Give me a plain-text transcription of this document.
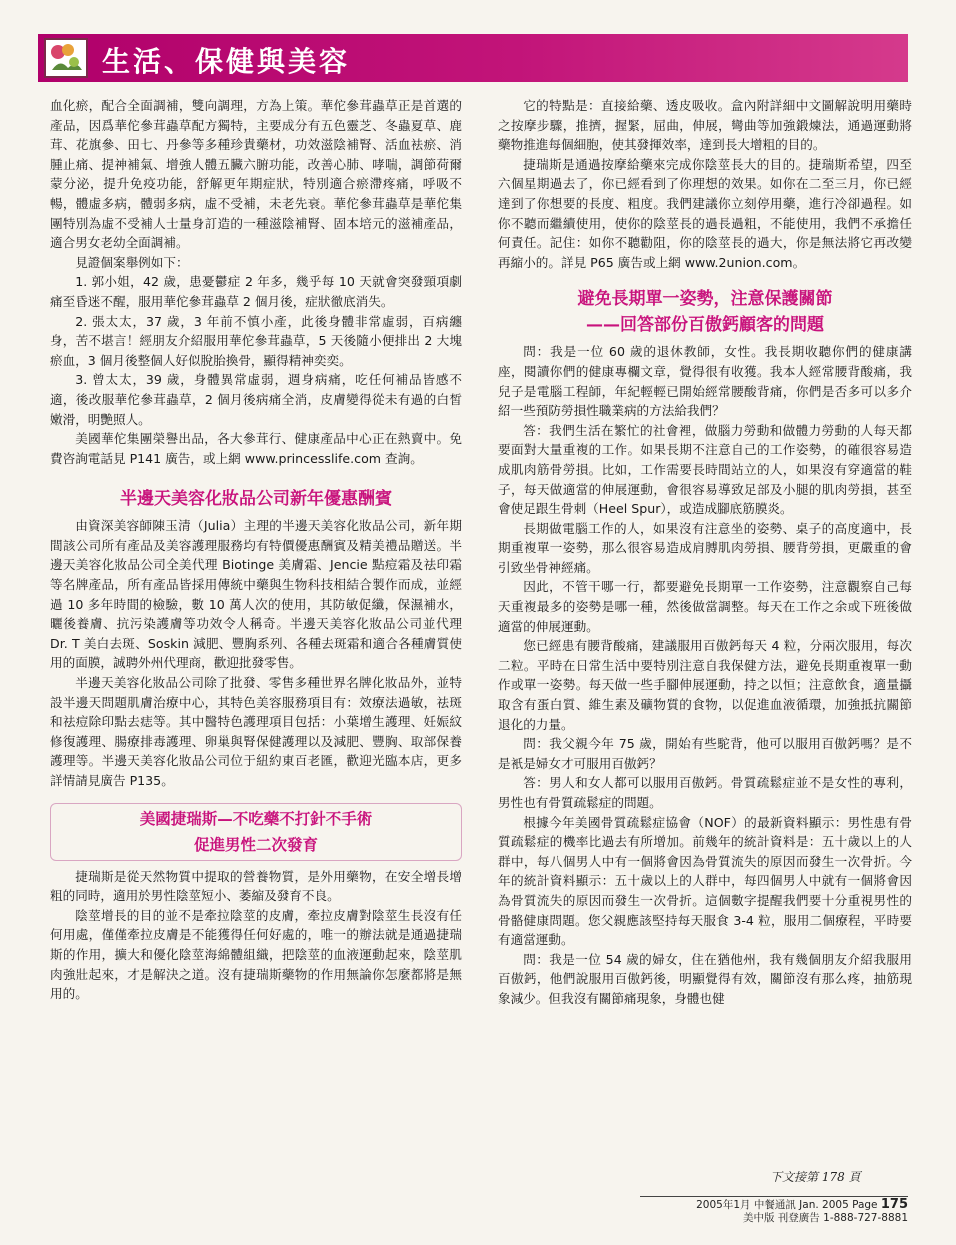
生活、保健與美容

血化瘀，配合全面調補，雙向調理，方為上策。華佗參茸蟲草正是首選的產品，因爲華佗參茸蟲草配方獨特，主要成分有五色靈芝、冬蟲夏草、鹿茸、花旗參、田七、丹參等多種珍貴藥材，功效滋陰補腎、活血袪瘀、消腫止痛、提神補氣、增強人體五臟六腑功能，改善心肺、哮喘，調節荷爾蒙分泌，提升免疫功能，舒解更年期症狀，特別適合瘀滯疼痛，呼吸不暢，體虛多病，體弱多病，虛不受補，未老先衰。華佗參茸蟲草是華佗集團特別為虛不受補人士量身訂造的一種滋陰補腎、固本培元的滋補產品，適合男女老幼全面調補。

見證個案舉例如下：

1. 郭小姐，42 歲，患憂鬱症 2 年多，幾乎每 10 天就會突發頸項劇痛至昏迷不醒，服用華佗參茸蟲草 2 個月後，症狀徹底消失。

2. 張太太，37 歲，3 年前不慎小產，此後身體非常虛弱，百病纏身，苦不堪言！經朋友介紹服用華佗參茸蟲草，5 天後隨小便排出 2 大塊瘀血，3 個月後整個人好似脫胎換骨，顯得精神奕奕。

3. 曾太太，39 歲，身體異常虛弱，週身病痛，吃任何補品皆感不適，後改服華佗參茸蟲草，2 個月後病痛全消，皮膚變得從未有過的白皙嫩滑，明艷照人。

美國華佗集團榮譽出品，各大參茸行、健康產品中心正在熱賣中。免費咨詢電話見 P141 廣告，或上網 www.princesslife.com 查詢。

半邊天美容化妝品公司新年優惠酬賓

由資深美容師陳玉清（Julia）主理的半邊天美容化妝品公司，新年期間該公司所有產品及美容護理服務均有特價優惠酬賓及精美禮品贈送。半邊天美容化妝品公司全美代理 Biotinge 美膚霜、Jencie 點痘霜及祛印霜等名牌產品，所有產品皆採用傳統中藥與生物科技相結合製作而成，並經過 10 多年時間的檢驗，數 10 萬人次的使用，其防敏促纖，保濕補水，曬後養膚、抗污染護膚等功效令人稱奇。半邊天美容化妝品公司並代理 Dr. T 美白去斑、Soskin 減肥、豐胸系列、各種去斑霜和適合各種膚質使用的面膜，誠聘外州代理商，歡迎批發零售。

半邊天美容化妝品公司除了批發、零售多種世界名牌化妝品外，並特設半邊天問題肌膚治療中心，其特色美容服務項目有：效療法過敏，祛斑和祛痘除印點去痣等。其中醫特色護理項目包括：小葉增生護理、妊娠紋修復護理、腸療排毒護理、卵巢與腎保健護理以及減肥、豐胸、取部保養護理等。半邊天美容化妝品公司位于紐約東百老匯，歡迎光臨本店，更多詳情請見廣告 P135。

美國捷瑞斯—不吃藥不打針不手術
促進男性二次發育

捷瑞斯是從天然物質中提取的營養物質，是外用藥物，在安全增長增粗的同時，適用於男性陰莖短小、萎縮及發育不良。

陰莖增長的目的並不是牽拉陰莖的皮膚，牽拉皮膚對陰莖生長沒有任何用處，僅僅牽拉皮膚是不能獲得任何好處的，唯一的辦法就是通過捷瑞斯的作用，擴大和優化陰莖海綿體組織，把陰莖的血液運動起來，陰莖肌肉強壯起來，才是解決之道。沒有捷瑞斯藥物的作用無論你怎麼都將是無用的。

它的特點是：直接給藥、透皮吸收。盒內附詳細中文圖解說明用藥時之按摩步驟，推擠，握緊，屈曲，伸展，彎曲等加強鍛煉法，通過運動將藥物推進每個細胞，使其發揮效率，達到長大增粗的目的。

捷瑞斯是通過按摩給藥來完成你陰莖長大的目的。捷瑞斯希望，四至六個星期過去了，你已經看到了你理想的效果。如你在二至三月，你已經達到了你想要的長度、粗度。我們建議你立刻停用藥，進行冷卻過程。如你不聽而繼續使用，使你的陰莖長的過長過粗，不能使用，我們不承擔任何責任。記住：如你不聽勸阻，你的陰莖長的過大，你是無法將它再改變再縮小的。詳見 P65 廣告或上網 www.2union.com。

避免長期單一姿勢，注意保護關節
——回答部份百傲鈣顧客的問題

問：我是一位 60 歲的退休教師，女性。我長期收聽你們的健康講座，閱讀你們的健康專欄文章，覺得很有收獲。我本人經常腰背酸痛，我兒子是電腦工程師，年紀輕輕已開始經常腰酸背痛，你們是否多可以多介紹一些預防勞損性職業病的方法給我們？

答：我們生活在繁忙的社會裡，做腦力勞動和做體力勞動的人每天都要面對大量重複的工作。如果長期不注意自己的工作姿勢，的確很容易造成肌肉筋骨勞損。比如，工作需要長時間站立的人，如果沒有穿適當的鞋子，每天做適當的伸展運動，會很容易導致足部及小腿的肌肉勞損，甚至會使足跟生骨刺（Heel Spur），或造成腳底筋膜炎。

長期做電腦工作的人，如果沒有注意坐的姿勢、桌子的高度適中，長期重複單一姿勢，那么很容易造成肩膊肌肉勞損、腰背勞損，更嚴重的會引致坐骨神經痛。

因此，不管干哪一行，都要避免長期單一工作姿勢，注意觀察自己每天重複最多的姿勢是哪一種，然後做當調整。每天在工作之余或下班後做適當的伸展運動。

您已經患有腰背酸痛，建議服用百傲鈣每天 4 粒，分兩次服用，每次二粒。平時在日常生活中要特別注意自我保健方法，避免長期重複單一動作或單一姿勢。每天做一些手腳伸展運動，持之以恒；注意飲食，適量攝取含有蛋白質、維生素及礦物質的食物，以促進血液循環，加強抵抗關節退化的力量。

問：我父親今年 75 歲，開始有些駝背，他可以服用百傲鈣嗎？是不是衹是婦女才可服用百傲鈣？

答：男人和女人都可以服用百傲鈣。骨質疏鬆症並不是女性的專利，男性也有骨質疏鬆症的問題。

根據今年美國骨質疏鬆症協會（NOF）的最新資料顯示：男性患有骨質疏鬆症的機率比過去有所增加。前幾年的統計資料是：五十歲以上的人群中，每八個男人中有一個將會因為骨質流失的原因而發生一次骨折。今年的統計資料顯示：五十歲以上的人群中，每四個男人中就有一個將會因為骨質流失的原因而發生一次骨折。這個數字提醒我們要十分重視男性的骨骼健康問題。您父親應該堅持每天服食 3-4 粒，服用二個療程，平時要有適當運動。

問：我是一位 54 歲的婦女，住在猶他州，我有幾個朋友介紹我服用百傲鈣，他們說服用百傲鈣後，明顯覺得有效，關節沒有那么疼，抽筋現象減少。但我沒有關節痛現象，身體也健

下文接第 178 頁
2005年1月 中餐通訊 Jan. 2005 Page 175
美中版 刊登廣告 1-888-727-8881
